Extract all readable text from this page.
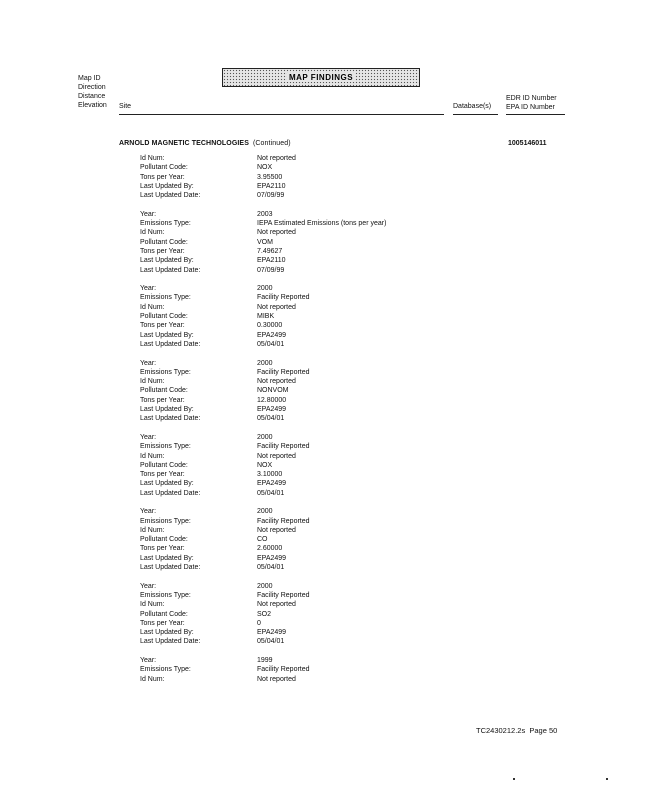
Map ID
Direction
Distance
Elevation
MAP FINDINGS
Site	Database(s)
EDR ID Number
EPA ID Number
ARNOLD MAGNETIC TECHNOLOGIES (Continued)	1005146011
Id Num:	Not reported
Pollutant Code:	NOX
Tons per Year:	3.95500
Last Updated By:	EPA2110
Last Updated Date:	07/09/99
Year:	2003
Emissions Type:	IEPA Estimated Emissions (tons per year)
Id Num:	Not reported
Pollutant Code:	VOM
Tons per Year:	7.49627
Last Updated By:	EPA2110
Last Updated Date:	07/09/99
Year:	2000
Emissions Type:	Facility Reported
Id Num:	Not reported
Pollutant Code:	MIBK
Tons per Year:	0.30000
Last Updated By:	EPA2499
Last Updated Date:	05/04/01
Year:	2000
Emissions Type:	Facility Reported
Id Num:	Not reported
Pollutant Code:	NONVOM
Tons per Year:	12.80000
Last Updated By:	EPA2499
Last Updated Date:	05/04/01
Year:	2000
Emissions Type:	Facility Reported
Id Num:	Not reported
Pollutant Code:	NOX
Tons per Year:	3.10000
Last Updated By:	EPA2499
Last Updated Date:	05/04/01
Year:	2000
Emissions Type:	Facility Reported
Id Num:	Not reported
Pollutant Code:	CO
Tons per Year:	2.60000
Last Updated By:	EPA2499
Last Updated Date:	05/04/01
Year:	2000
Emissions Type:	Facility Reported
Id Num:	Not reported
Pollutant Code:	SO2
Tons per Year:	0
Last Updated By:	EPA2499
Last Updated Date:	05/04/01
Year:	1999
Emissions Type:	Facility Reported
Id Num:	Not reported
TC2430212.2s Page 50
